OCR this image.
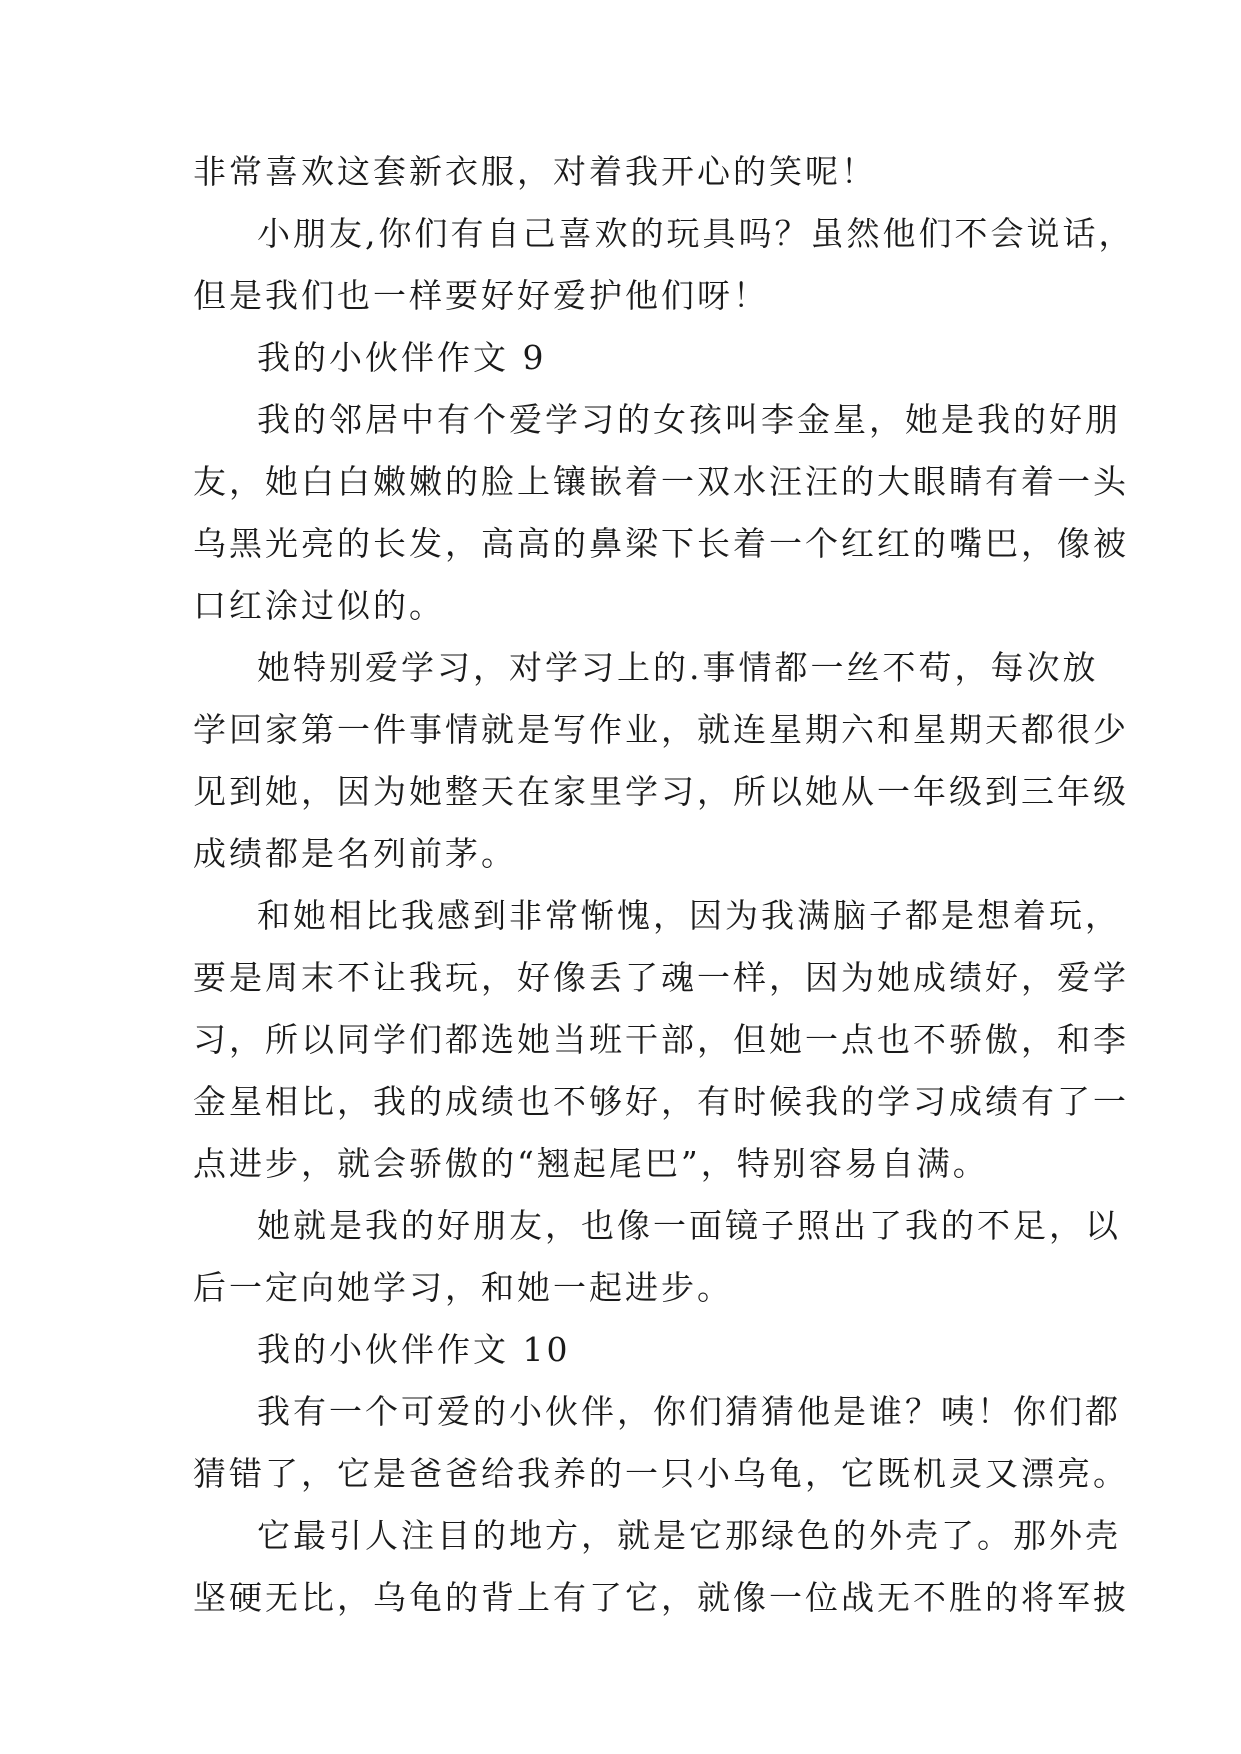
非常喜欢这套新衣服，对着我开心的笑呢！
小朋友,你们有自己喜欢的玩具吗？虽然他们不会说话，
但是我们也一样要好好爱护他们呀！
我的小伙伴作文 9
我的邻居中有个爱学习的女孩叫李金星，她是我的好朋
友，她白白嫩嫩的脸上镶嵌着一双水汪汪的大眼睛有着一头
乌黑光亮的长发，高高的鼻梁下长着一个红红的嘴巴，像被
口红涂过似的。
她特别爱学习，对学习上的.事情都一丝不苟，每次放
学回家第一件事情就是写作业，就连星期六和星期天都很少
见到她，因为她整天在家里学习，所以她从一年级到三年级
成绩都是名列前茅。
和她相比我感到非常惭愧，因为我满脑子都是想着玩，
要是周末不让我玩，好像丢了魂一样，因为她成绩好，爱学
习，所以同学们都选她当班干部，但她一点也不骄傲，和李
金星相比，我的成绩也不够好，有时候我的学习成绩有了一
点进步，就会骄傲的“翘起尾巴”，特别容易自满。
她就是我的好朋友，也像一面镜子照出了我的不足，以
后一定向她学习，和她一起进步。
我的小伙伴作文 10
我有一个可爱的小伙伴，你们猜猜他是谁？咦！你们都
猜错了，它是爸爸给我养的一只小乌龟，它既机灵又漂亮。
它最引人注目的地方，就是它那绿色的外壳了。那外壳
坚硬无比，乌龟的背上有了它，就像一位战无不胜的将军披
